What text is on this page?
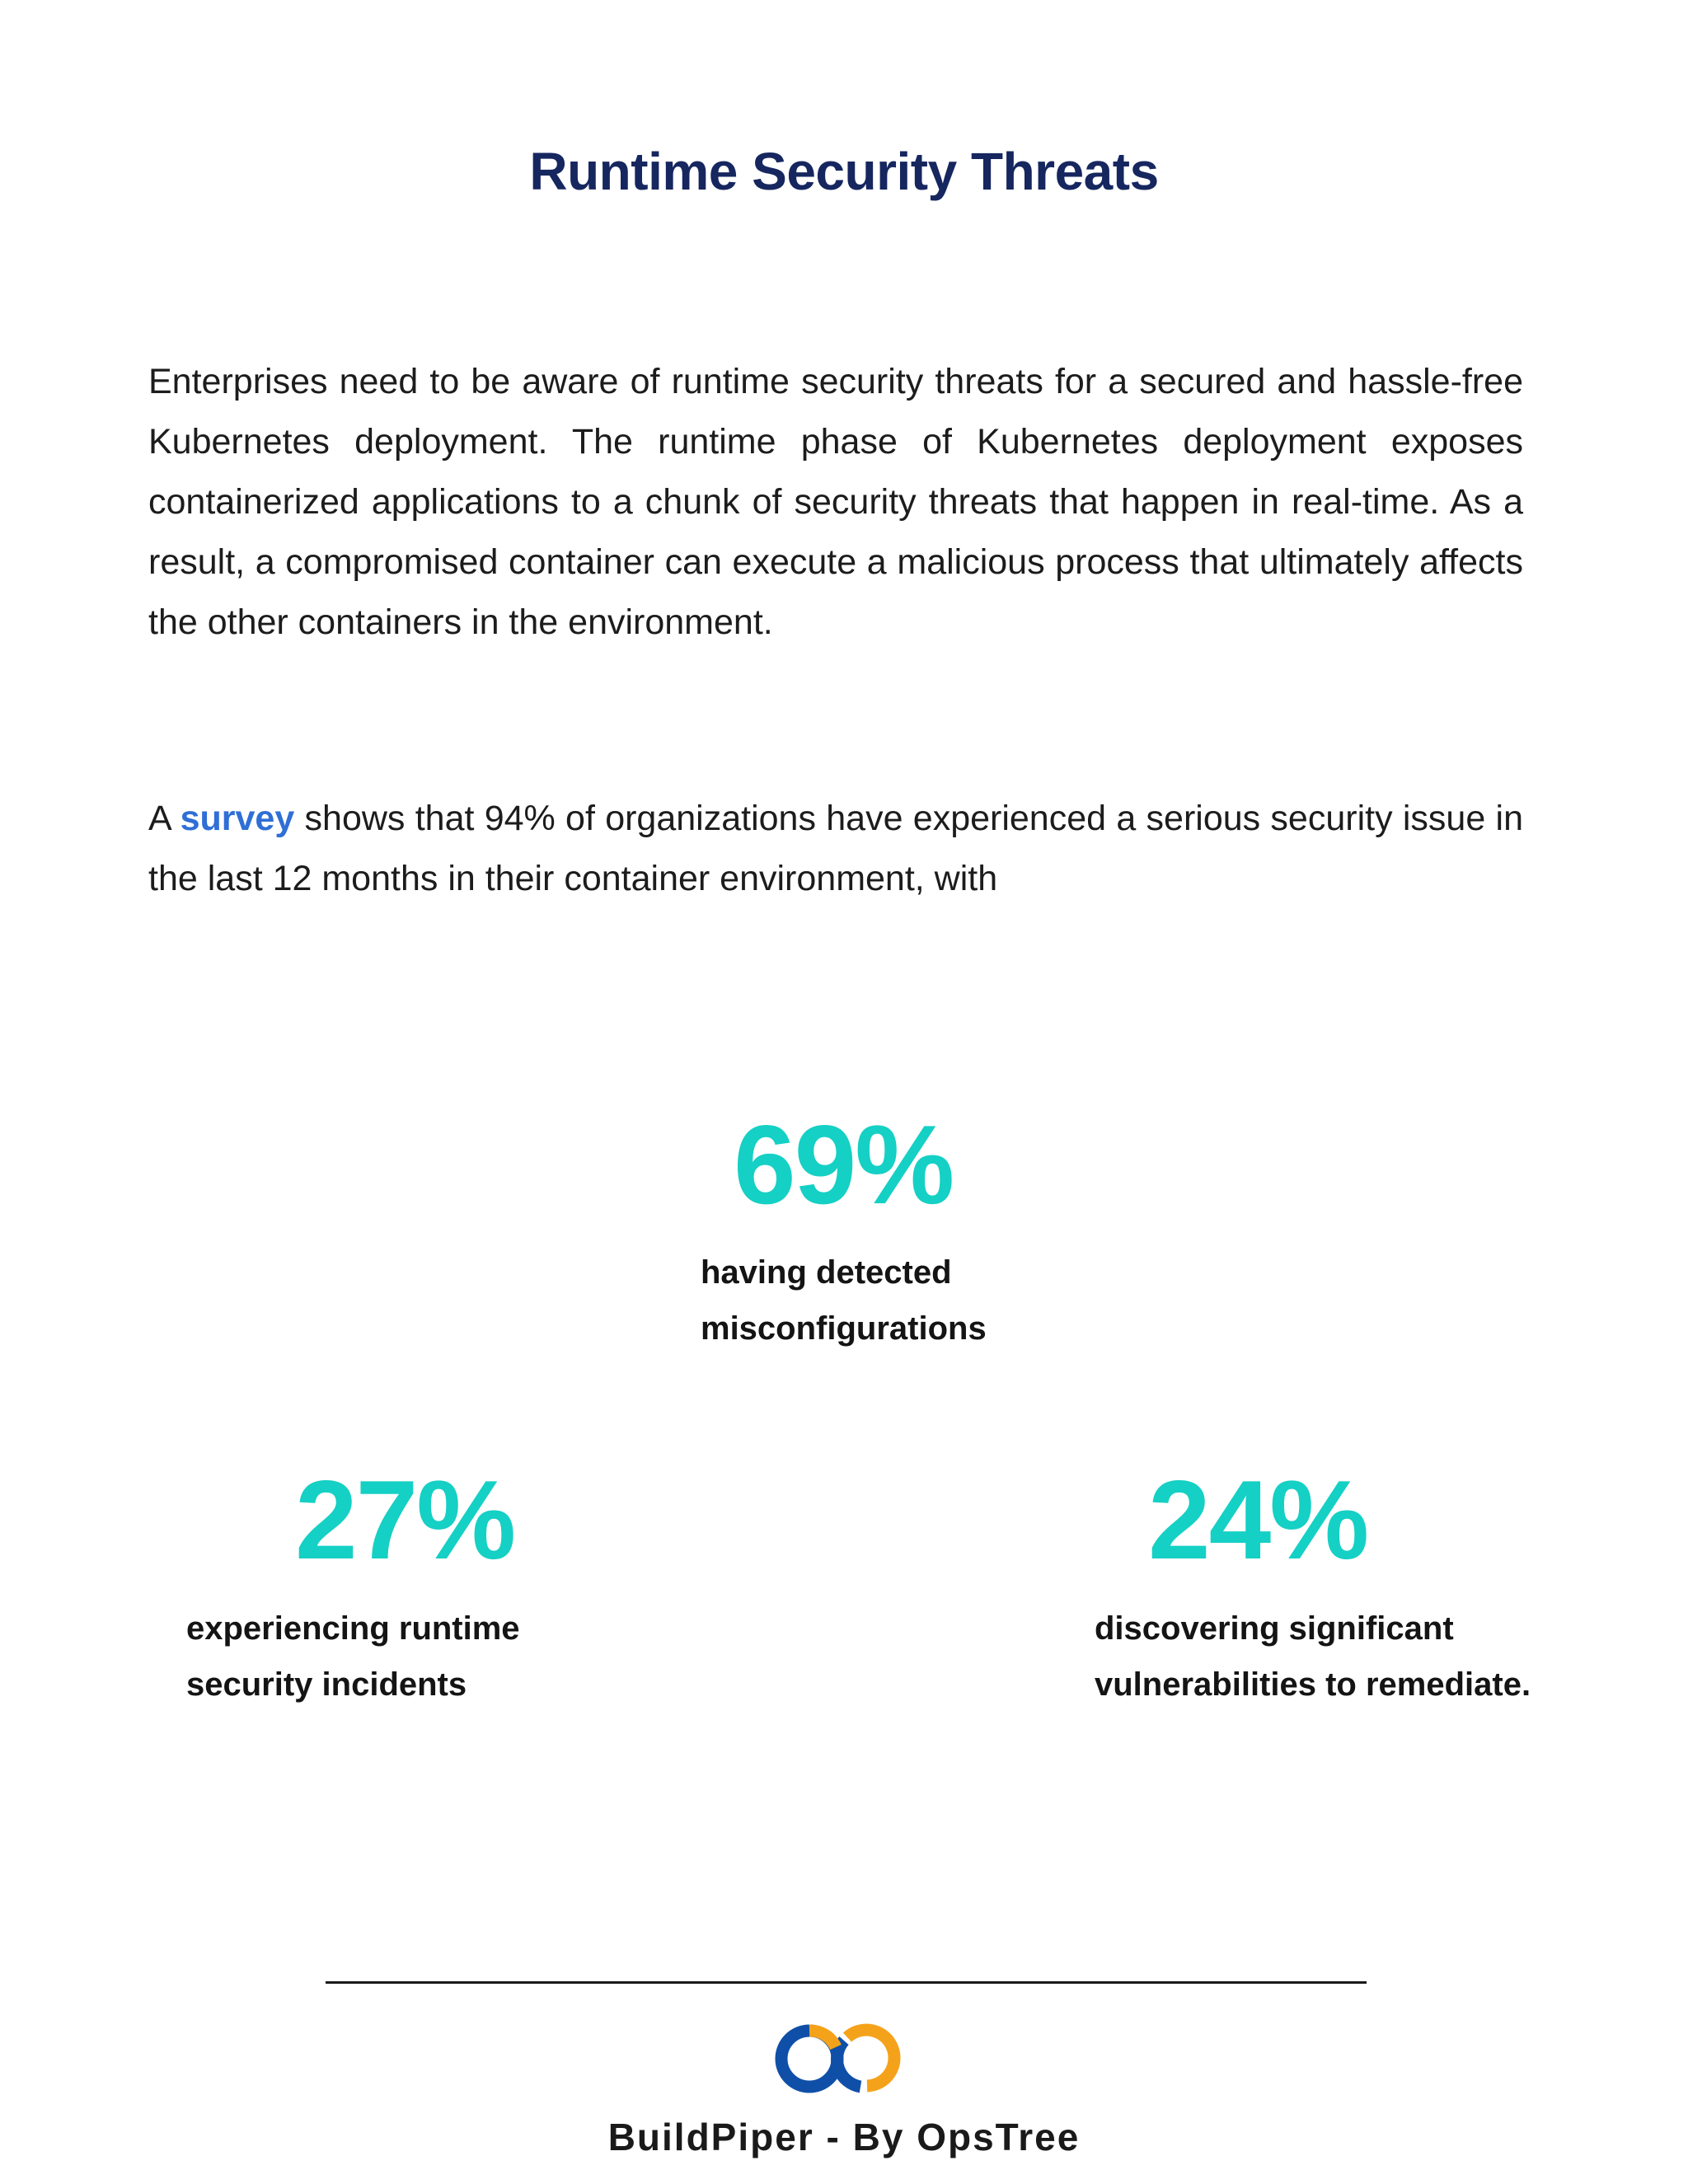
Runtime Security Threats

Enterprises need to be aware of runtime security threats for a secured and hassle-free Kubernetes deployment. The runtime phase of Kubernetes deployment exposes containerized applications to a chunk of security threats that happen in real-time. As a result, a compromised container can execute a malicious process that ultimately affects the other containers in the environment.

A survey shows that 94% of organizations have experienced a serious security issue in the last 12 months in their container environment, with

69%
having detected
misconfigurations
27%
experiencing runtime
security incidents
24%
discovering significant
vulnerabilities to remediate.
BuildPiper - By OpsTree
